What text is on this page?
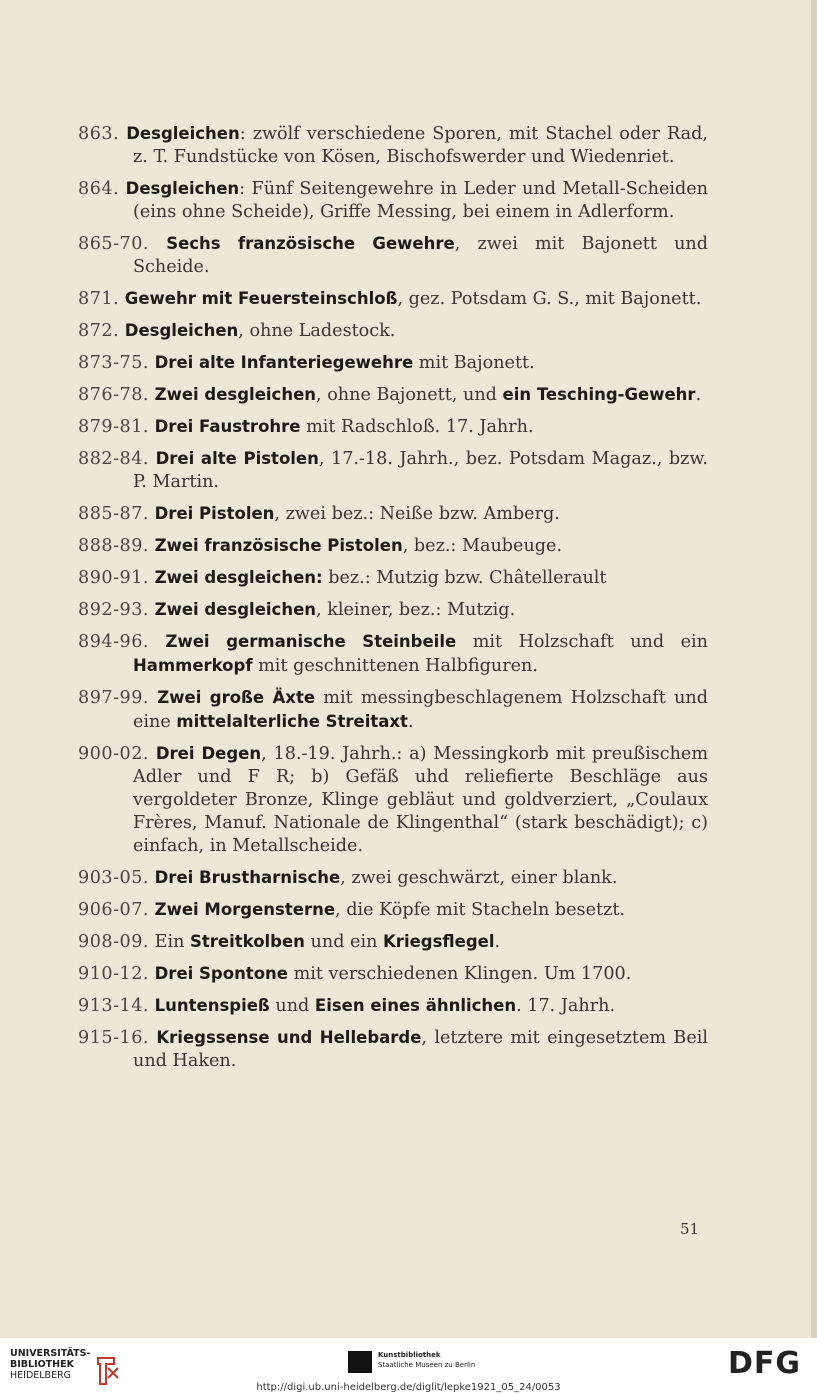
863. Desgleichen: zwölf verschiedene Sporen, mit Stachel oder Rad, z. T. Fundstücke von Kösen, Bischofswerder und Wiedenriet.
864. Desgleichen: Fünf Seitengewehre in Leder und Metall-Scheiden (eins ohne Scheide), Griffe Messing, bei einem in Adlerform.
865-70. Sechs französische Gewehre, zwei mit Bajonett und Scheide.
871. Gewehr mit Feuersteinschloß, gez. Potsdam G. S., mit Bajonett.
872. Desgleichen, ohne Ladestock.
873-75. Drei alte Infanteriegewehre mit Bajonett.
876-78. Zwei desgleichen, ohne Bajonett, und ein Tesching-Gewehr.
879-81. Drei Faustrohre mit Radschloß. 17. Jahrh.
882-84. Drei alte Pistolen, 17.-18. Jahrh., bez. Potsdam Magaz., bzw. P. Martin.
885-87. Drei Pistolen, zwei bez.: Neiße bzw. Amberg.
888-89. Zwei französische Pistolen, bez.: Maubeuge.
890-91. Zwei desgleichen: bez.: Mutzig bzw. Châtellerault
892-93. Zwei desgleichen, kleiner, bez.: Mutzig.
894-96. Zwei germanische Steinbeile mit Holzschaft und ein Hammerkopf mit geschnittenen Halbfiguren.
897-99. Zwei große Äxte mit messingbeschlagenem Holzschaft und eine mittelalterliche Streitaxt.
900-02. Drei Degen, 18.-19. Jahrh.: a) Messingkorb mit preußischem Adler und F R; b) Gefäß uhd reliefierte Beschläge aus vergoldeter Bronze, Klinge gebläut und goldverziert, „Coulaux Frères, Manuf. Nationale de Klingenthal“ (stark beschädigt); c) einfach, in Metallscheide.
903-05. Drei Brustharnische, zwei geschwärzt, einer blank.
906-07. Zwei Morgensterne, die Köpfe mit Stacheln besetzt.
908-09. Ein Streitkolben und ein Kriegsflegel.
910-12. Drei Spontone mit verschiedenen Klingen. Um 1700.
913-14. Luntenspieß und Eisen eines ähnlichen. 17. Jahrh.
915-16. Kriegssense und Hellebarde, letztere mit eingesetztem Beil und Haken.
51
UNIVERSITÄTS-
BIBLIOTHEK
HEIDELBERG
Kunstbibliothek
Staatliche Museen zu Berlin	DFG
http://digi.ub.uni-heidelberg.de/diglit/lepke1921_05_24/0053
